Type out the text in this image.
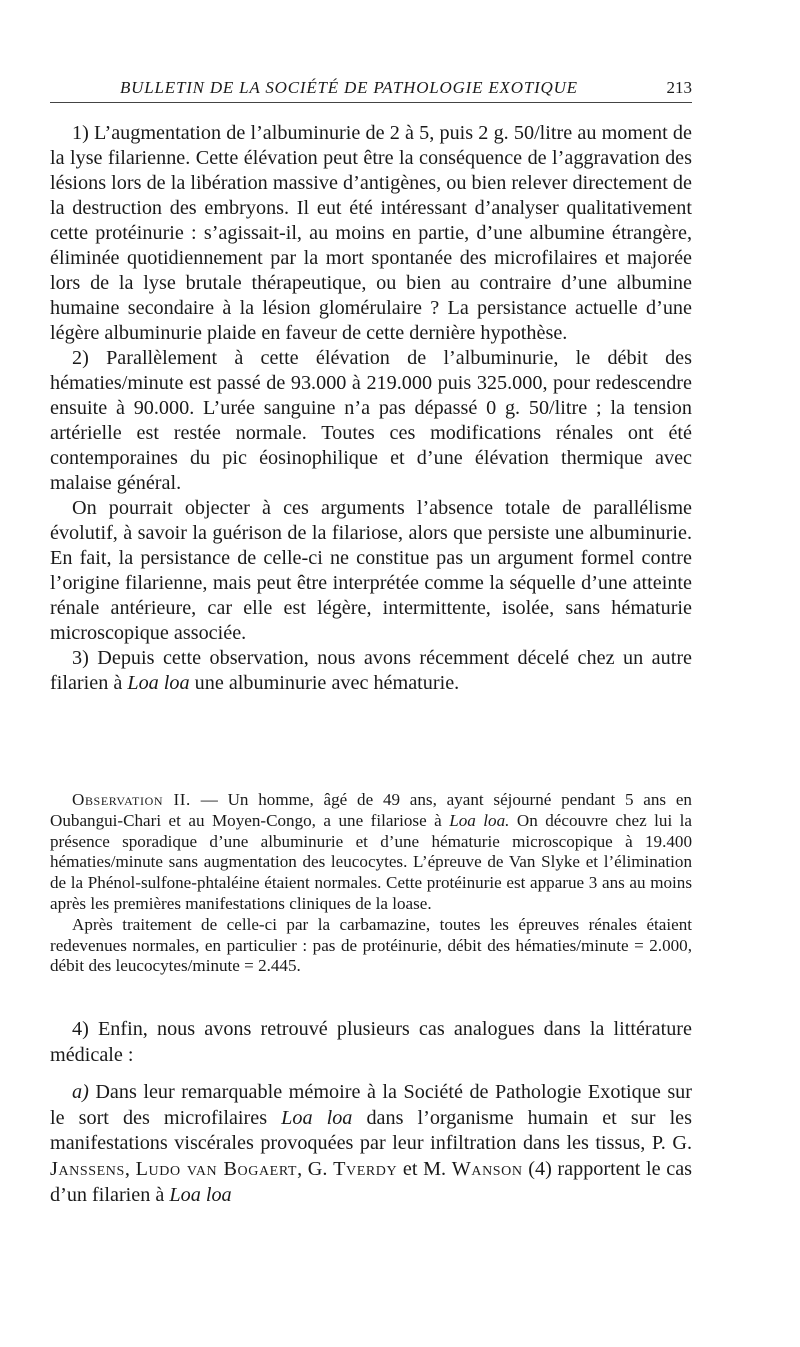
BULLETIN DE LA SOCIÉTÉ DE PATHOLOGIE EXOTIQUE	213

1) L’augmentation de l’albuminurie de 2 à 5, puis 2 g. 50/litre au moment de la lyse filarienne. Cette élévation peut être la conséquence de l’aggravation des lésions lors de la libération massive d’antigènes, ou bien relever directement de la destruction des embryons. Il eut été intéressant d’analyser qualitativement cette protéinurie : s’agissait-il, au moins en partie, d’une albumine étrangère, éliminée quotidiennement par la mort spontanée des microfilaires et majorée lors de la lyse brutale thérapeutique, ou bien au contraire d’une albumine humaine secondaire à la lésion glomérulaire ? La persistance actuelle d’une légère albuminurie plaide en faveur de cette dernière hypothèse.

2) Parallèlement à cette élévation de l’albuminurie, le débit des hématies/minute est passé de 93.000 à 219.000 puis 325.000, pour redescendre ensuite à 90.000. L’urée sanguine n’a pas dépassé 0 g. 50/litre ; la tension artérielle est restée normale. Toutes ces modifications rénales ont été contemporaines du pic éosinophilique et d’une élévation thermique avec malaise général.

On pourrait objecter à ces arguments l’absence totale de parallélisme évolutif, à savoir la guérison de la filariose, alors que persiste une albuminurie. En fait, la persistance de celle-ci ne constitue pas un argument formel contre l’origine filarienne, mais peut être interprétée comme la séquelle d’une atteinte rénale antérieure, car elle est légère, intermittente, isolée, sans hématurie microscopique associée.

3) Depuis cette observation, nous avons récemment décelé chez un autre filarien à Loa loa une albuminurie avec hématurie.

Observation II. — Un homme, âgé de 49 ans, ayant séjourné pendant 5 ans en Oubangui-Chari et au Moyen-Congo, a une filariose à Loa loa. On découvre chez lui la présence sporadique d’une albuminurie et d’une hématurie microscopique à 19.400 hématies/minute sans augmentation des leucocytes. L’épreuve de Van Slyke et l’élimination de la Phénol-sulfone-phtaléine étaient normales. Cette protéinurie est apparue 3 ans au moins après les premières manifestations cliniques de la loase.

Après traitement de celle-ci par la carbamazine, toutes les épreuves rénales étaient redevenues normales, en particulier : pas de protéinurie, débit des hématies/minute = 2.000, débit des leucocytes/minute = 2.445.

4) Enfin, nous avons retrouvé plusieurs cas analogues dans la littérature médicale :

a) Dans leur remarquable mémoire à la Société de Pathologie Exotique sur le sort des microfilaires Loa loa dans l’organisme humain et sur les manifestations viscérales provoquées par leur infiltration dans les tissus, P. G. Janssens, Ludo van Bogaert, G. Tverdy et M. Wanson (4) rapportent le cas d’un filarien à Loa loa
